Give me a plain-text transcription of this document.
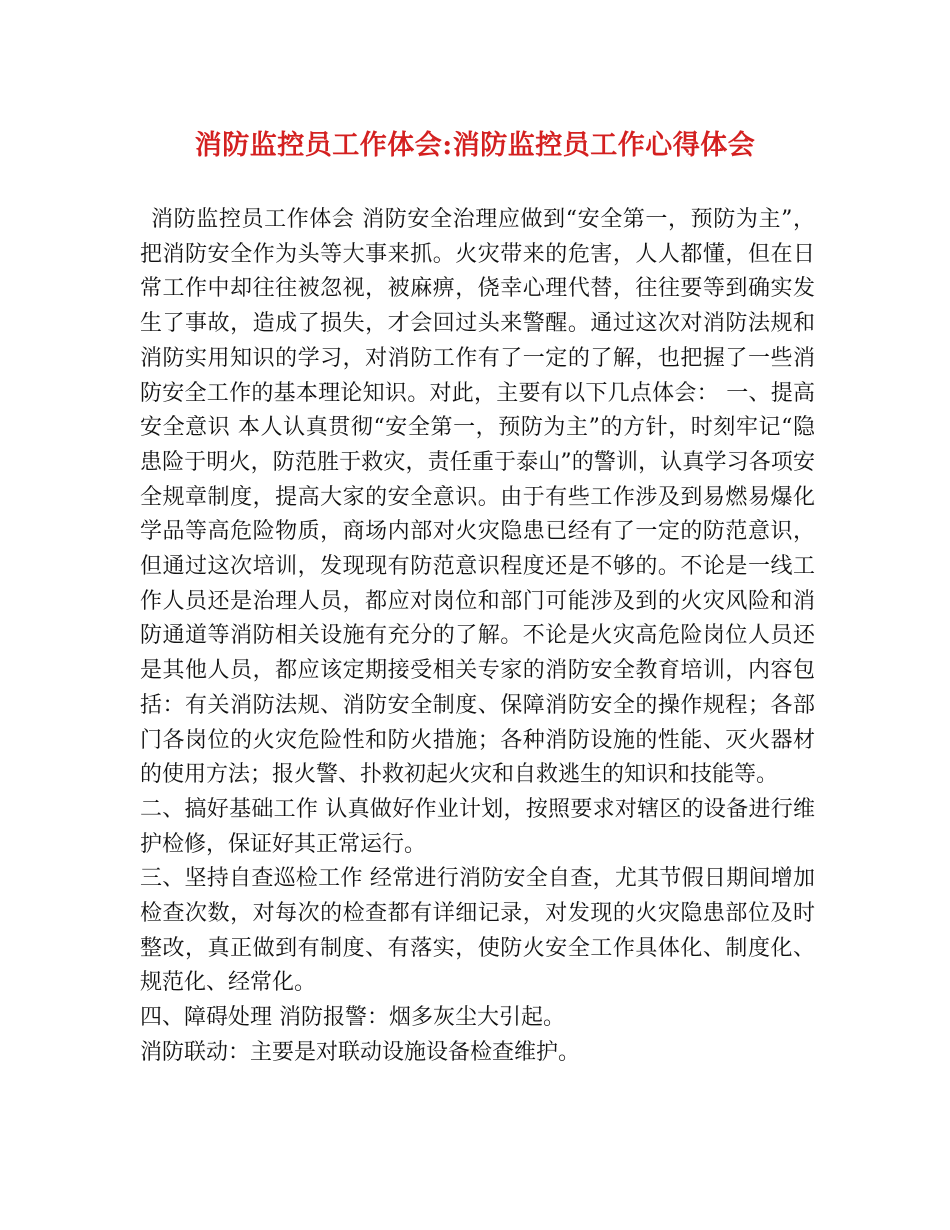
消防监控员工作体会:消防监控员工作心得体会

消防监控员工作体会 消防安全治理应做到“安全第一，预防为主”，把消防安全作为头等大事来抓。火灾带来的危害，人人都懂，但在日常工作中却往往被忽视，被麻痹，侥幸心理代替，往往要等到确实发生了事故，造成了损失，才会回过头来警醒。通过这次对消防法规和消防实用知识的学习，对消防工作有了一定的了解，也把握了一些消防安全工作的基本理论知识。对此，主要有以下几点体会： 一、提高安全意识 本人认真贯彻“安全第一，预防为主”的方针，时刻牢记“隐患险于明火，防范胜于救灾，责任重于泰山”的警训，认真学习各项安全规章制度，提高大家的安全意识。由于有些工作涉及到易燃易爆化学品等高危险物质，商场内部对火灾隐患已经有了一定的防范意识，但通过这次培训，发现现有防范意识程度还是不够的。不论是一线工作人员还是治理人员，都应对岗位和部门可能涉及到的火灾风险和消防通道等消防相关设施有充分的了解。不论是火灾高危险岗位人员还是其他人员，都应该定期接受相关专家的消防安全教育培训，内容包括：有关消防法规、消防安全制度、保障消防安全的操作规程；各部门各岗位的火灾危险性和防火措施；各种消防设施的性能、灭火器材的使用方法；报火警、扑救初起火灾和自救逃生的知识和技能等。

二、搞好基础工作 认真做好作业计划，按照要求对辖区的设备进行维护检修，保证好其正常运行。

三、坚持自查巡检工作 经常进行消防安全自查，尤其节假日期间增加检查次数，对每次的检查都有详细记录，对发现的火灾隐患部位及时整改，真正做到有制度、有落实，使防火安全工作具体化、制度化、规范化、经常化。

四、障碍处理 消防报警：烟多灰尘大引起。

消防联动：主要是对联动设施设备检查维护。
